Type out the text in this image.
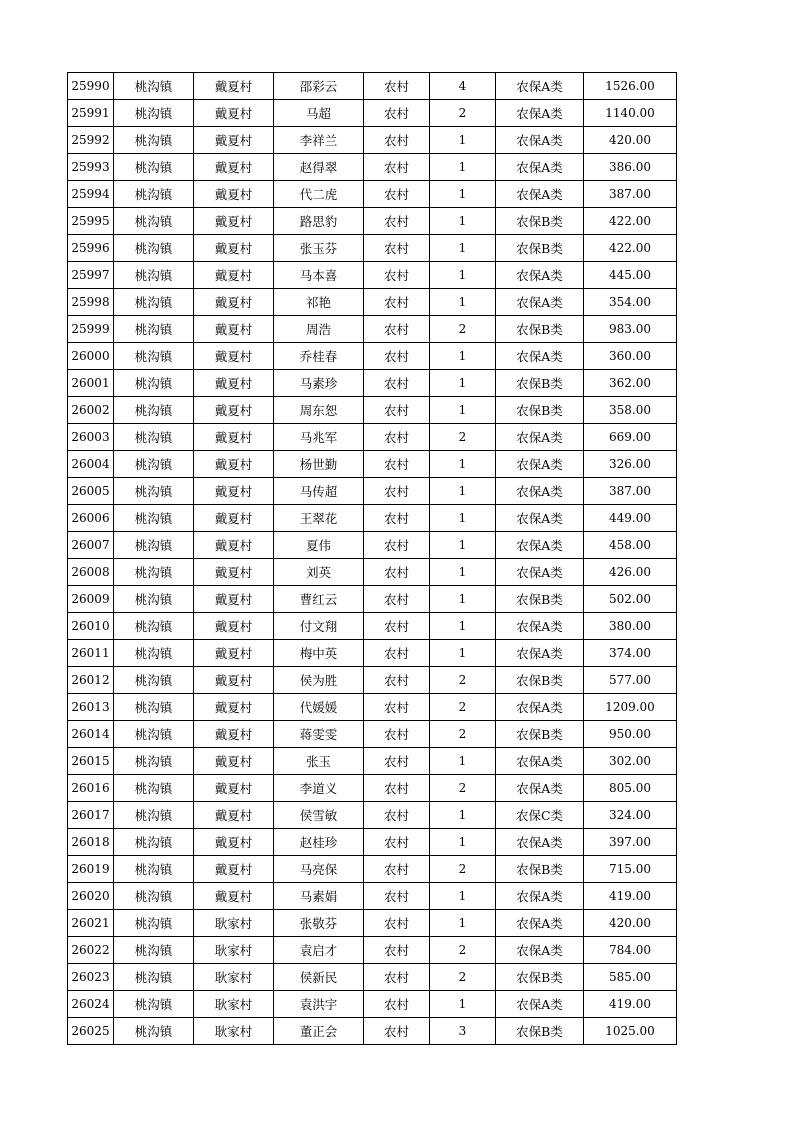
25990	桃沟镇	戴夏村	邵彩云	农村	4	农保A类	1526.00
25991	桃沟镇	戴夏村	马超	农村	2	农保A类	1140.00
25992	桃沟镇	戴夏村	李祥兰	农村	1	农保A类	420.00
25993	桃沟镇	戴夏村	赵得翠	农村	1	农保A类	386.00
25994	桃沟镇	戴夏村	代二虎	农村	1	农保A类	387.00
25995	桃沟镇	戴夏村	路思豹	农村	1	农保B类	422.00
25996	桃沟镇	戴夏村	张玉芬	农村	1	农保B类	422.00
25997	桃沟镇	戴夏村	马本喜	农村	1	农保A类	445.00
25998	桃沟镇	戴夏村	祁艳	农村	1	农保A类	354.00
25999	桃沟镇	戴夏村	周浩	农村	2	农保B类	983.00
26000	桃沟镇	戴夏村	乔桂春	农村	1	农保A类	360.00
26001	桃沟镇	戴夏村	马素珍	农村	1	农保B类	362.00
26002	桃沟镇	戴夏村	周东恕	农村	1	农保B类	358.00
26003	桃沟镇	戴夏村	马兆军	农村	2	农保A类	669.00
26004	桃沟镇	戴夏村	杨世勤	农村	1	农保A类	326.00
26005	桃沟镇	戴夏村	马传超	农村	1	农保A类	387.00
26006	桃沟镇	戴夏村	王翠花	农村	1	农保A类	449.00
26007	桃沟镇	戴夏村	夏伟	农村	1	农保A类	458.00
26008	桃沟镇	戴夏村	刘英	农村	1	农保A类	426.00
26009	桃沟镇	戴夏村	曹红云	农村	1	农保B类	502.00
26010	桃沟镇	戴夏村	付文翔	农村	1	农保A类	380.00
26011	桃沟镇	戴夏村	梅中英	农村	1	农保A类	374.00
26012	桃沟镇	戴夏村	侯为胜	农村	2	农保B类	577.00
26013	桃沟镇	戴夏村	代媛媛	农村	2	农保A类	1209.00
26014	桃沟镇	戴夏村	蒋雯雯	农村	2	农保B类	950.00
26015	桃沟镇	戴夏村	张玉	农村	1	农保A类	302.00
26016	桃沟镇	戴夏村	李道义	农村	2	农保A类	805.00
26017	桃沟镇	戴夏村	侯雪敏	农村	1	农保C类	324.00
26018	桃沟镇	戴夏村	赵桂珍	农村	1	农保A类	397.00
26019	桃沟镇	戴夏村	马亮保	农村	2	农保B类	715.00
26020	桃沟镇	戴夏村	马素娟	农村	1	农保A类	419.00
26021	桃沟镇	耿家村	张敬芬	农村	1	农保A类	420.00
26022	桃沟镇	耿家村	袁启才	农村	2	农保A类	784.00
26023	桃沟镇	耿家村	侯新民	农村	2	农保B类	585.00
26024	桃沟镇	耿家村	袁洪宇	农村	1	农保A类	419.00
26025	桃沟镇	耿家村	董正会	农村	3	农保B类	1025.00
